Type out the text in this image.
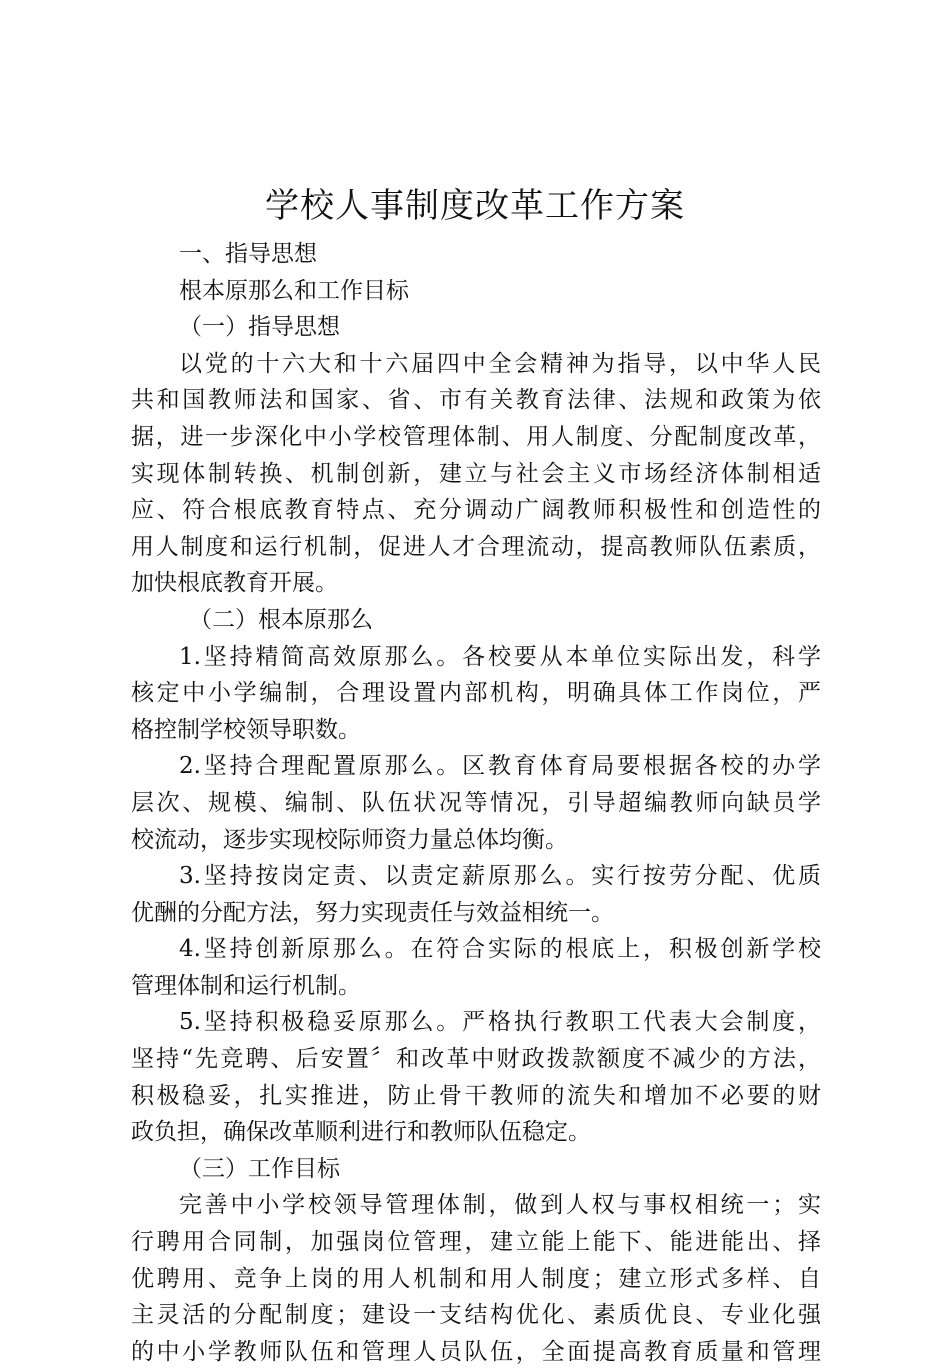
学校人事制度改革工作方案

一、指导思想

根本原那么和工作目标

（一）指导思想

以党的十六大和十六届四中全会精神为指导，以中华人民

共和国教师法和国家、省、市有关教育法律、法规和政策为依

据，进一步深化中小学校管理体制、用人制度、分配制度改革，

实现体制转换、机制创新，建立与社会主义市场经济体制相适

应、符合根底教育特点、充分调动广阔教师积极性和创造性的

用人制度和运行机制，促进人才合理流动，提高教师队伍素质，

加快根底教育开展。

（二）根本原那么

1.坚持精简高效原那么。各校要从本单位实际出发，科学

核定中小学编制，合理设置内部机构，明确具体工作岗位，严

格控制学校领导职数。

2.坚持合理配置原那么。区教育体育局要根据各校的办学

层次、规模、编制、队伍状况等情况，引导超编教师向缺员学

校流动，逐步实现校际师资力量总体均衡。

3.坚持按岗定责、以责定薪原那么。实行按劳分配、优质

优酬的分配方法，努力实现责任与效益相统一。

4.坚持创新原那么。在符合实际的根底上，积极创新学校

管理体制和运行机制。

5.坚持积极稳妥原那么。严格执行教职工代表大会制度，

坚持“先竞聘、后安置〞和改革中财政拨款额度不减少的方法，

积极稳妥，扎实推进，防止骨干教师的流失和增加不必要的财

政负担，确保改革顺利进行和教师队伍稳定。

（三）工作目标

完善中小学校领导管理体制，做到人权与事权相统一；实

行聘用合同制，加强岗位管理，建立能上能下、能进能出、择

优聘用、竞争上岗的用人机制和用人制度；建立形式多样、自

主灵活的分配制度；建设一支结构优化、素质优良、专业化强

的中小学教师队伍和管理人员队伍，全面提高教育质量和管理
